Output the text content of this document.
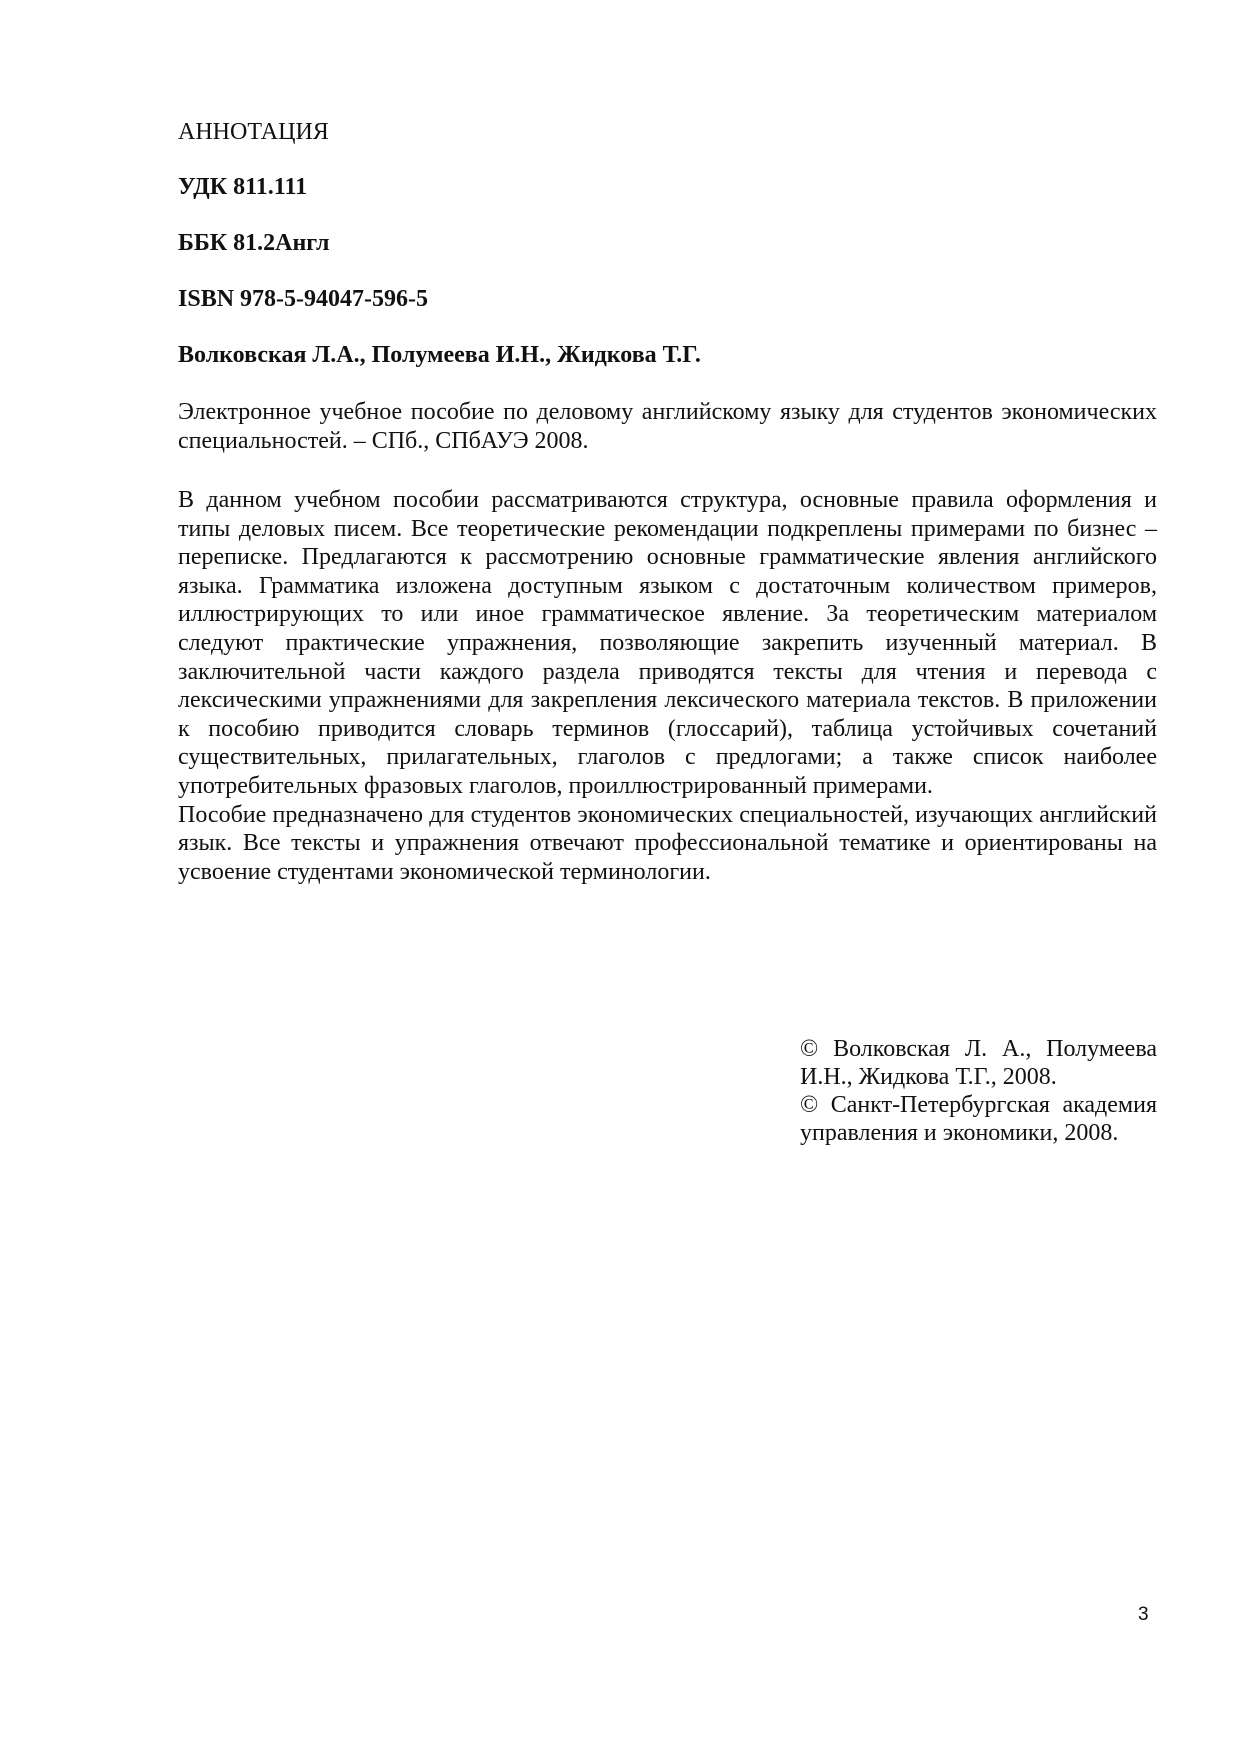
АННОТАЦИЯ
УДК 811.111
ББК 81.2Англ
ISBN 978-5-94047-596-5
Волковская Л.А., Полумеева И.Н., Жидкова Т.Г.

Электронное учебное пособие по деловому английскому языку для студентов экономических специальностей. – СПб., СПбАУЭ 2008.

В данном учебном пособии рассматриваются структура, основные правила оформления и типы деловых писем. Все теоретические рекомендации подкреплены примерами по бизнес – переписке. Предлагаются к рассмотрению основные грамматические явления английского языка. Грамматика изложена доступным языком с достаточным количеством примеров, иллюстрирующих то или иное грамматическое явление. За теоретическим материалом следуют практические упражнения, позволяющие закрепить изученный материал. В заключительной части каждого раздела приводятся тексты для чтения и перевода с лексическими упражнениями для закрепления лексического материала текстов. В приложении к пособию приводится словарь терминов (глоссарий), таблица устойчивых сочетаний существительных, прилагательных, глаголов с предлогами; а также список наиболее употребительных фразовых глаголов, проиллюстрированный примерами.

Пособие предназначено для студентов экономических специальностей, изучающих английский язык. Все тексты и упражнения отвечают профессиональной тематике и ориентированы на усвоение студентами экономической терминологии.

© Волковская Л. А., Полумеева И.Н., Жидкова Т.Г., 2008.

© Санкт-Петербургская академия управления и экономики, 2008.

3
